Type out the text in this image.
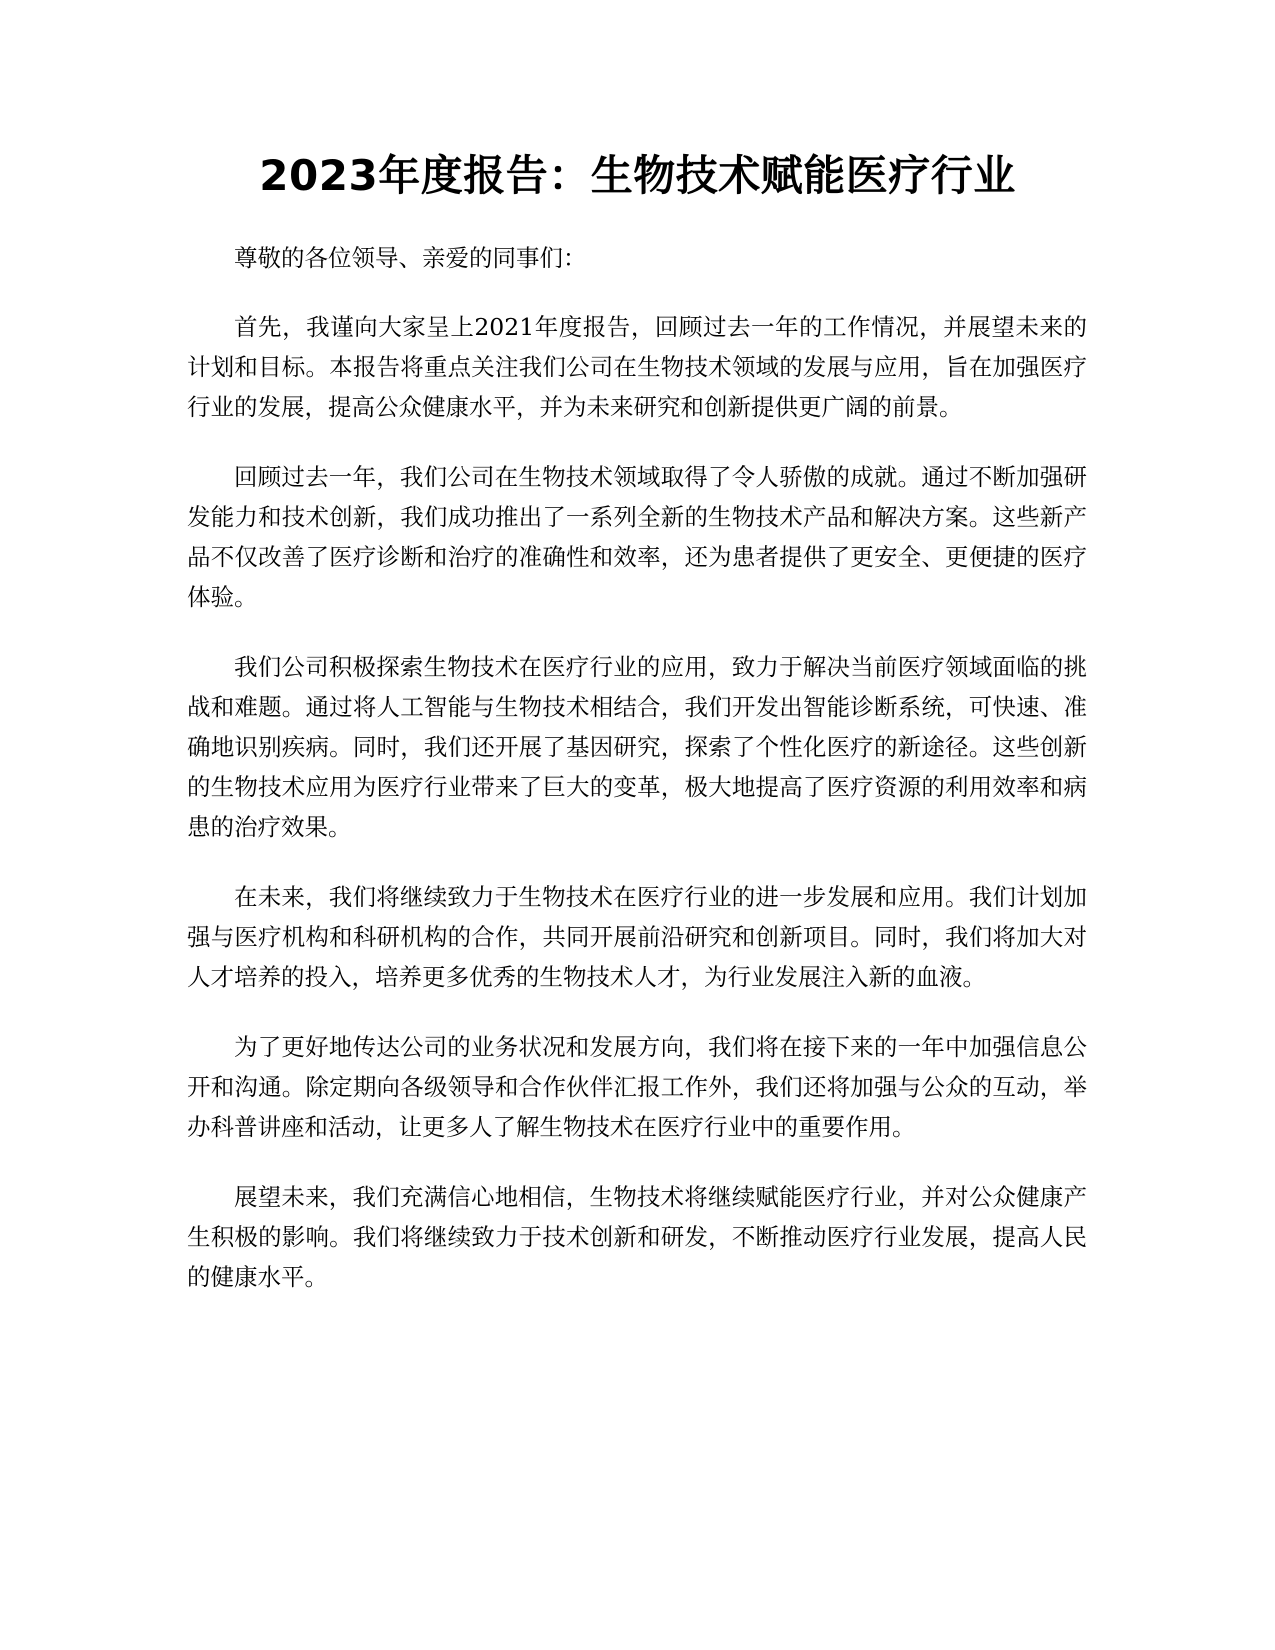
2023年度报告：生物技术赋能医疗行业

尊敬的各位领导、亲爱的同事们：

首先，我谨向大家呈上2021年度报告，回顾过去一年的工作情况，并展望未来的计划和目标。本报告将重点关注我们公司在生物技术领域的发展与应用，旨在加强医疗行业的发展，提高公众健康水平，并为未来研究和创新提供更广阔的前景。

回顾过去一年，我们公司在生物技术领域取得了令人骄傲的成就。通过不断加强研发能力和技术创新，我们成功推出了一系列全新的生物技术产品和解决方案。这些新产品不仅改善了医疗诊断和治疗的准确性和效率，还为患者提供了更安全、更便捷的医疗体验。

我们公司积极探索生物技术在医疗行业的应用，致力于解决当前医疗领域面临的挑战和难题。通过将人工智能与生物技术相结合，我们开发出智能诊断系统，可快速、准确地识别疾病。同时，我们还开展了基因研究，探索了个性化医疗的新途径。这些创新的生物技术应用为医疗行业带来了巨大的变革，极大地提高了医疗资源的利用效率和病患的治疗效果。

在未来，我们将继续致力于生物技术在医疗行业的进一步发展和应用。我们计划加强与医疗机构和科研机构的合作，共同开展前沿研究和创新项目。同时，我们将加大对人才培养的投入，培养更多优秀的生物技术人才，为行业发展注入新的血液。

为了更好地传达公司的业务状况和发展方向，我们将在接下来的一年中加强信息公开和沟通。除定期向各级领导和合作伙伴汇报工作外，我们还将加强与公众的互动，举办科普讲座和活动，让更多人了解生物技术在医疗行业中的重要作用。

展望未来，我们充满信心地相信，生物技术将继续赋能医疗行业，并对公众健康产生积极的影响。我们将继续致力于技术创新和研发，不断推动医疗行业发展，提高人民的健康水平。
